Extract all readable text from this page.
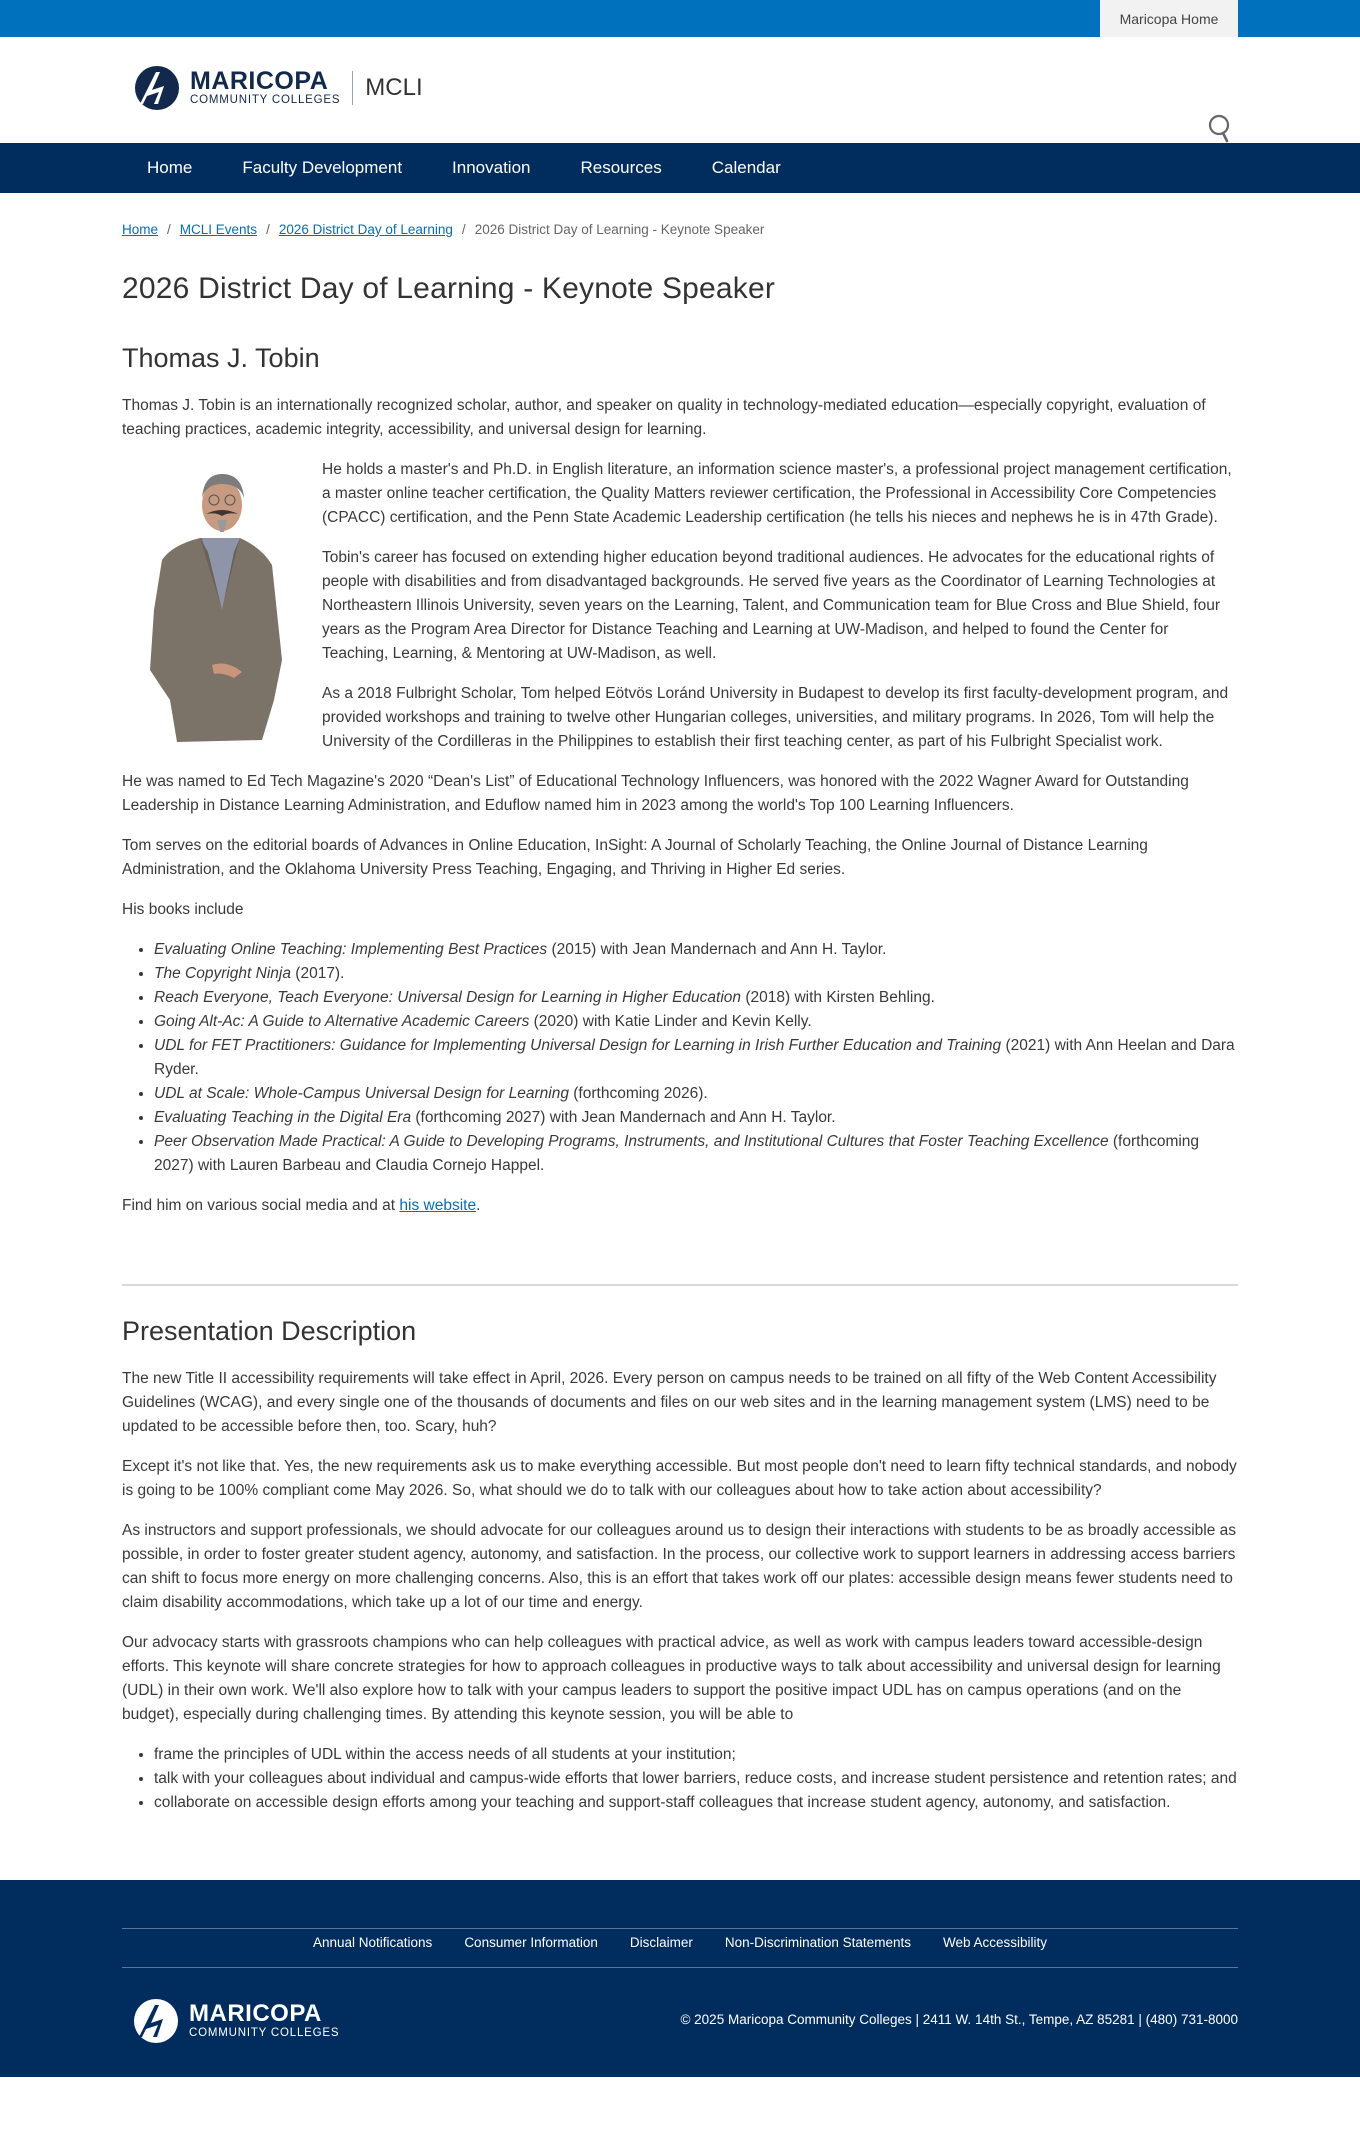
Maricopa Home
MARICOPA
COMMUNITY COLLEGES MCLI
Home	Faculty Development	Innovation	Resources	Calendar
Home / MCLI Events / 2026 District Day of Learning / 2026 District Day of Learning - Keynote Speaker
2026 District Day of Learning - Keynote Speaker
Thomas J. Tobin

Thomas J. Tobin is an internationally recognized scholar, author, and speaker on quality in technology-mediated education—especially copyright, evaluation of teaching practices, academic integrity, accessibility, and universal design for learning.

He holds a master's and Ph.D. in English literature, an information science master's, a professional project management certification, a master online teacher certification, the Quality Matters reviewer certification, the Professional in Accessibility Core Competencies (CPACC) certification, and the Penn State Academic Leadership certification (he tells his nieces and nephews he is in 47th Grade).

Tobin's career has focused on extending higher education beyond traditional audiences. He advocates for the educational rights of people with disabilities and from disadvantaged backgrounds. He served five years as the Coordinator of Learning Technologies at Northeastern Illinois University, seven years on the Learning, Talent, and Communication team for Blue Cross and Blue Shield, four years as the Program Area Director for Distance Teaching and Learning at UW-Madison, and helped to found the Center for Teaching, Learning, & Mentoring at UW-Madison, as well.

As a 2018 Fulbright Scholar, Tom helped Eötvös Loránd University in Budapest to develop its first faculty-development program, and provided workshops and training to twelve other Hungarian colleges, universities, and military programs. In 2026, Tom will help the University of the Cordilleras in the Philippines to establish their first teaching center, as part of his Fulbright Specialist work.

He was named to Ed Tech Magazine's 2020 “Dean's List” of Educational Technology Influencers, was honored with the 2022 Wagner Award for Outstanding Leadership in Distance Learning Administration, and Eduflow named him in 2023 among the world's Top 100 Learning Influencers.

Tom serves on the editorial boards of Advances in Online Education, InSight: A Journal of Scholarly Teaching, the Online Journal of Distance Learning Administration, and the Oklahoma University Press Teaching, Engaging, and Thriving in Higher Ed series.

His books include

• Evaluating Online Teaching: Implementing Best Practices (2015) with Jean Mandernach and Ann H. Taylor.
• The Copyright Ninja (2017).
• Reach Everyone, Teach Everyone: Universal Design for Learning in Higher Education (2018) with Kirsten Behling.
• Going Alt-Ac: A Guide to Alternative Academic Careers (2020) with Katie Linder and Kevin Kelly.
• UDL for FET Practitioners: Guidance for Implementing Universal Design for Learning in Irish Further Education and Training (2021) with Ann Heelan and Dara Ryder.
• UDL at Scale: Whole-Campus Universal Design for Learning (forthcoming 2026).
• Evaluating Teaching in the Digital Era (forthcoming 2027) with Jean Mandernach and Ann H. Taylor.
• Peer Observation Made Practical: A Guide to Developing Programs, Instruments, and Institutional Cultures that Foster Teaching Excellence (forthcoming 2027) with Lauren Barbeau and Claudia Cornejo Happel.

Find him on various social media and at his website.

Presentation Description

The new Title II accessibility requirements will take effect in April, 2026. Every person on campus needs to be trained on all fifty of the Web Content Accessibility Guidelines (WCAG), and every single one of the thousands of documents and files on our web sites and in the learning management system (LMS) need to be updated to be accessible before then, too. Scary, huh?

Except it's not like that. Yes, the new requirements ask us to make everything accessible. But most people don't need to learn fifty technical standards, and nobody is going to be 100% compliant come May 2026. So, what should we do to talk with our colleagues about how to take action about accessibility?

As instructors and support professionals, we should advocate for our colleagues around us to design their interactions with students to be as broadly accessible as possible, in order to foster greater student agency, autonomy, and satisfaction. In the process, our collective work to support learners in addressing access barriers can shift to focus more energy on more challenging concerns. Also, this is an effort that takes work off our plates: accessible design means fewer students need to claim disability accommodations, which take up a lot of our time and energy.

Our advocacy starts with grassroots champions who can help colleagues with practical advice, as well as work with campus leaders toward accessible-design efforts. This keynote will share concrete strategies for how to approach colleagues in productive ways to talk about accessibility and universal design for learning (UDL) in their own work. We'll also explore how to talk with your campus leaders to support the positive impact UDL has on campus operations (and on the budget), especially during challenging times. By attending this keynote session, you will be able to

• frame the principles of UDL within the access needs of all students at your institution;
• talk with your colleagues about individual and campus-wide efforts that lower barriers, reduce costs, and increase student persistence and retention rates; and
• collaborate on accessible design efforts among your teaching and support-staff colleagues that increase student agency, autonomy, and satisfaction.
Annual Notifications Consumer Information Disclaimer Non-Discrimination Statements Web Accessibility
MARICOPA
COMMUNITY COLLEGES
© 2025 Maricopa Community Colleges | 2411 W. 14th St., Tempe, AZ 85281 | (480) 731-8000
